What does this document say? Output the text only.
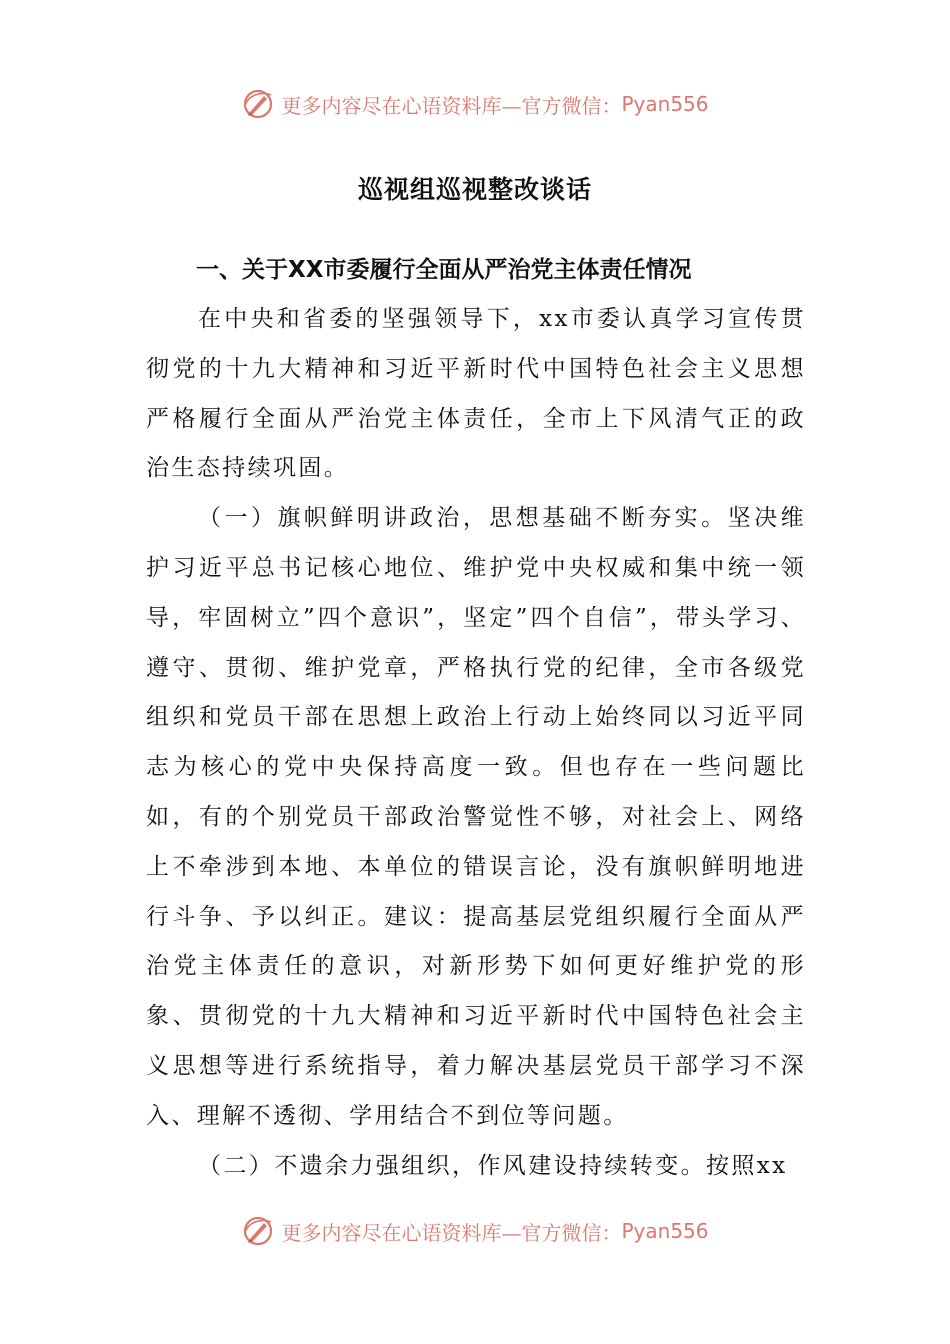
更多内容尽在心语资料库—官方微信： Pyan556
巡视组巡视整改谈话

一、关于XX市委履行全面从严治党主体责任情况

在中央和省委的坚强领导下，xx市委认真学习宣传贯彻党的十九大精神和习近平新时代中国特色社会主义思想严格履行全面从严治党主体责任，全市上下风清气正的政治生态持续巩固。

（一）旗帜鲜明讲政治，思想基础不断夯实。坚决维护习近平总书记核心地位、维护党中央权威和集中统一领导，牢固树立”四个意识”，坚定”四个自信”，带头学习、遵守、贯彻、维护党章，严格执行党的纪律，全市各级党组织和党员干部在思想上政治上行动上始终同以习近平同志为核心的党中央保持高度一致。但也存在一些问题比如，有的个别党员干部政治警觉性不够，对社会上、网络上不牵涉到本地、本单位的错误言论，没有旗帜鲜明地进行斗争、予以纠正。建议：提高基层党组织履行全面从严治党主体责任的意识，对新形势下如何更好维护党的形象、贯彻党的十九大精神和习近平新时代中国特色社会主义思想等进行系统指导，着力解决基层党员干部学习不深入、理解不透彻、学用结合不到位等问题。

（二）不遗余力强组织，作风建设持续转变。按照xx

更多内容尽在心语资料库—官方微信： Pyan556
